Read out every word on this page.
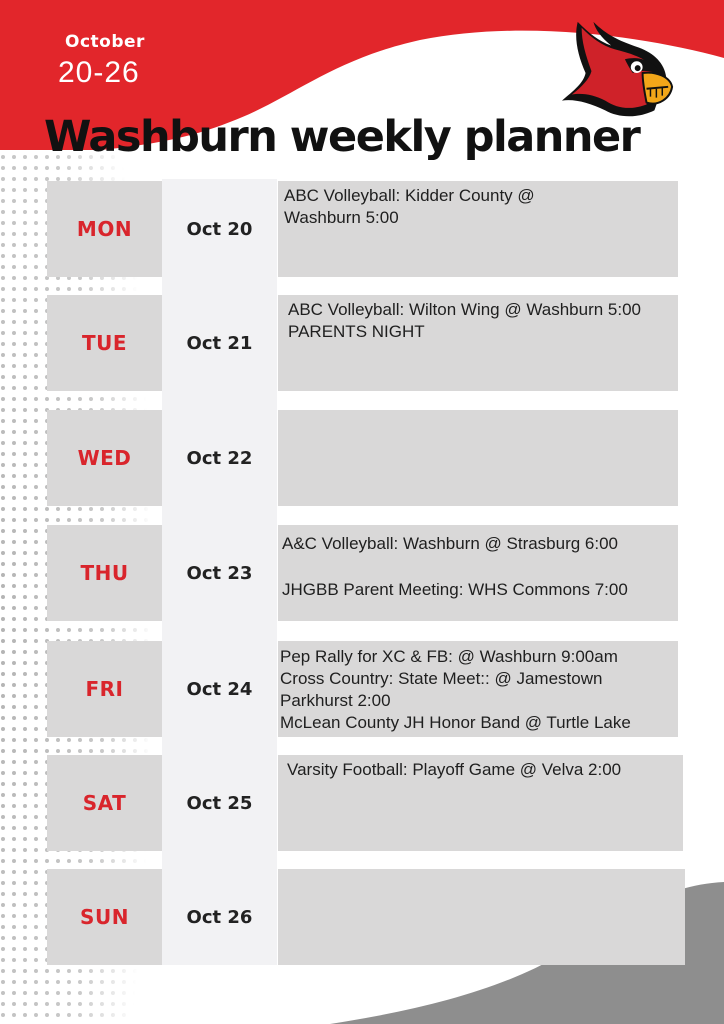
October
20-26
Washburn weekly planner
MON	Oct 20
ABC Volleyball: Kidder County @ Washburn 5:00
TUE	Oct 21
ABC Volleyball: Wilton Wing @ Washburn 5:00 PARENTS NIGHT
WED	Oct 22
THU	Oct 23
A&C Volleyball: Washburn @ Strasburg 6:00
JHGBB Parent Meeting: WHS Commons 7:00
FRI	Oct 24
Pep Rally for XC & FB: @ Washburn 9:00am
Cross Country: State Meet:: @ Jamestown Parkhurst 2:00
McLean County JH Honor Band @ Turtle Lake
SAT	Oct 25
Varsity Football: Playoff Game @ Velva 2:00
SUN	Oct 26
